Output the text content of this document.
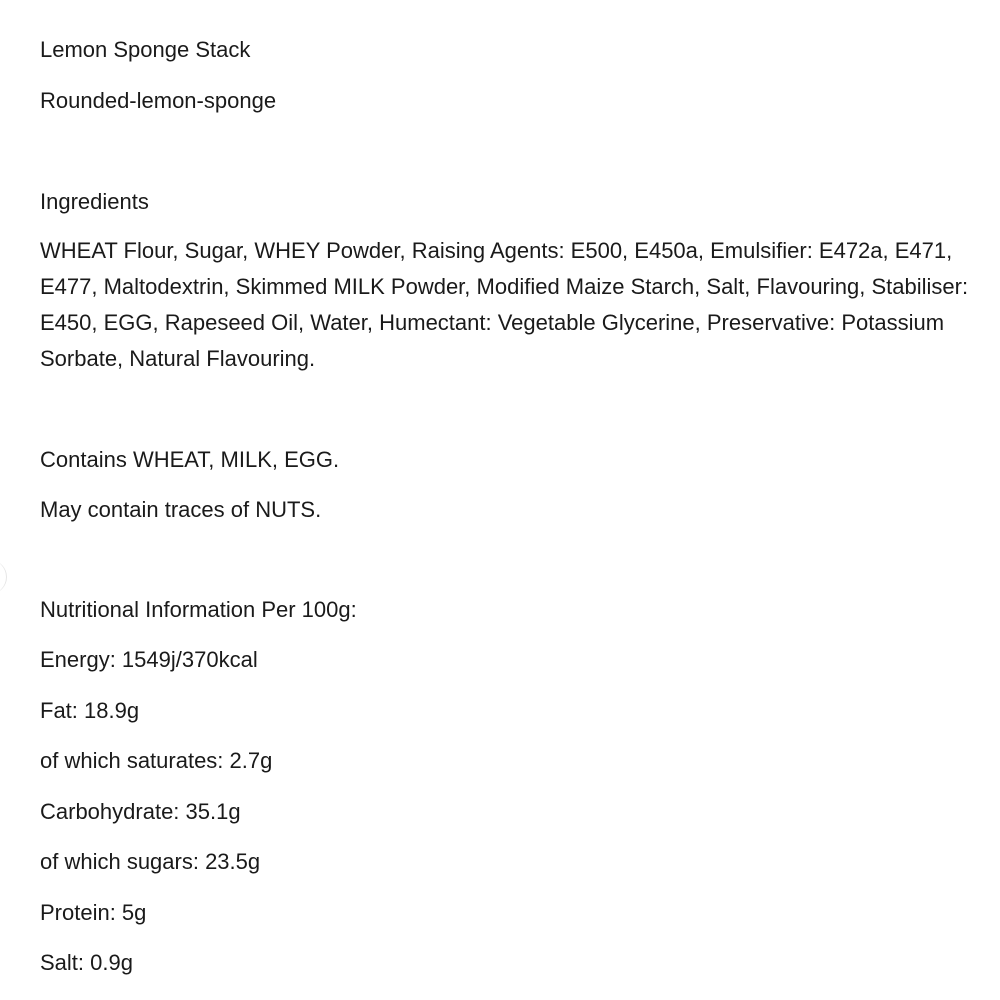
Lemon Sponge Stack

Rounded-lemon-sponge

Ingredients

WHEAT Flour, Sugar, WHEY Powder, Raising Agents: E500, E450a, Emulsifier: E472a, E471, E477, Maltodextrin, Skimmed MILK Powder, Modified Maize Starch, Salt, Flavouring, Stabiliser: E450, EGG, Rapeseed Oil, Water, Humectant: Vegetable Glycerine, Preservative: Potassium Sorbate, Natural Flavouring.

Contains WHEAT, MILK, EGG.

May contain traces of NUTS.

Nutritional Information Per 100g:

Energy: 1549j/370kcal

Fat: 18.9g

of which saturates: 2.7g

Carbohydrate: 35.1g

of which sugars: 23.5g

Protein: 5g

Salt: 0.9g
